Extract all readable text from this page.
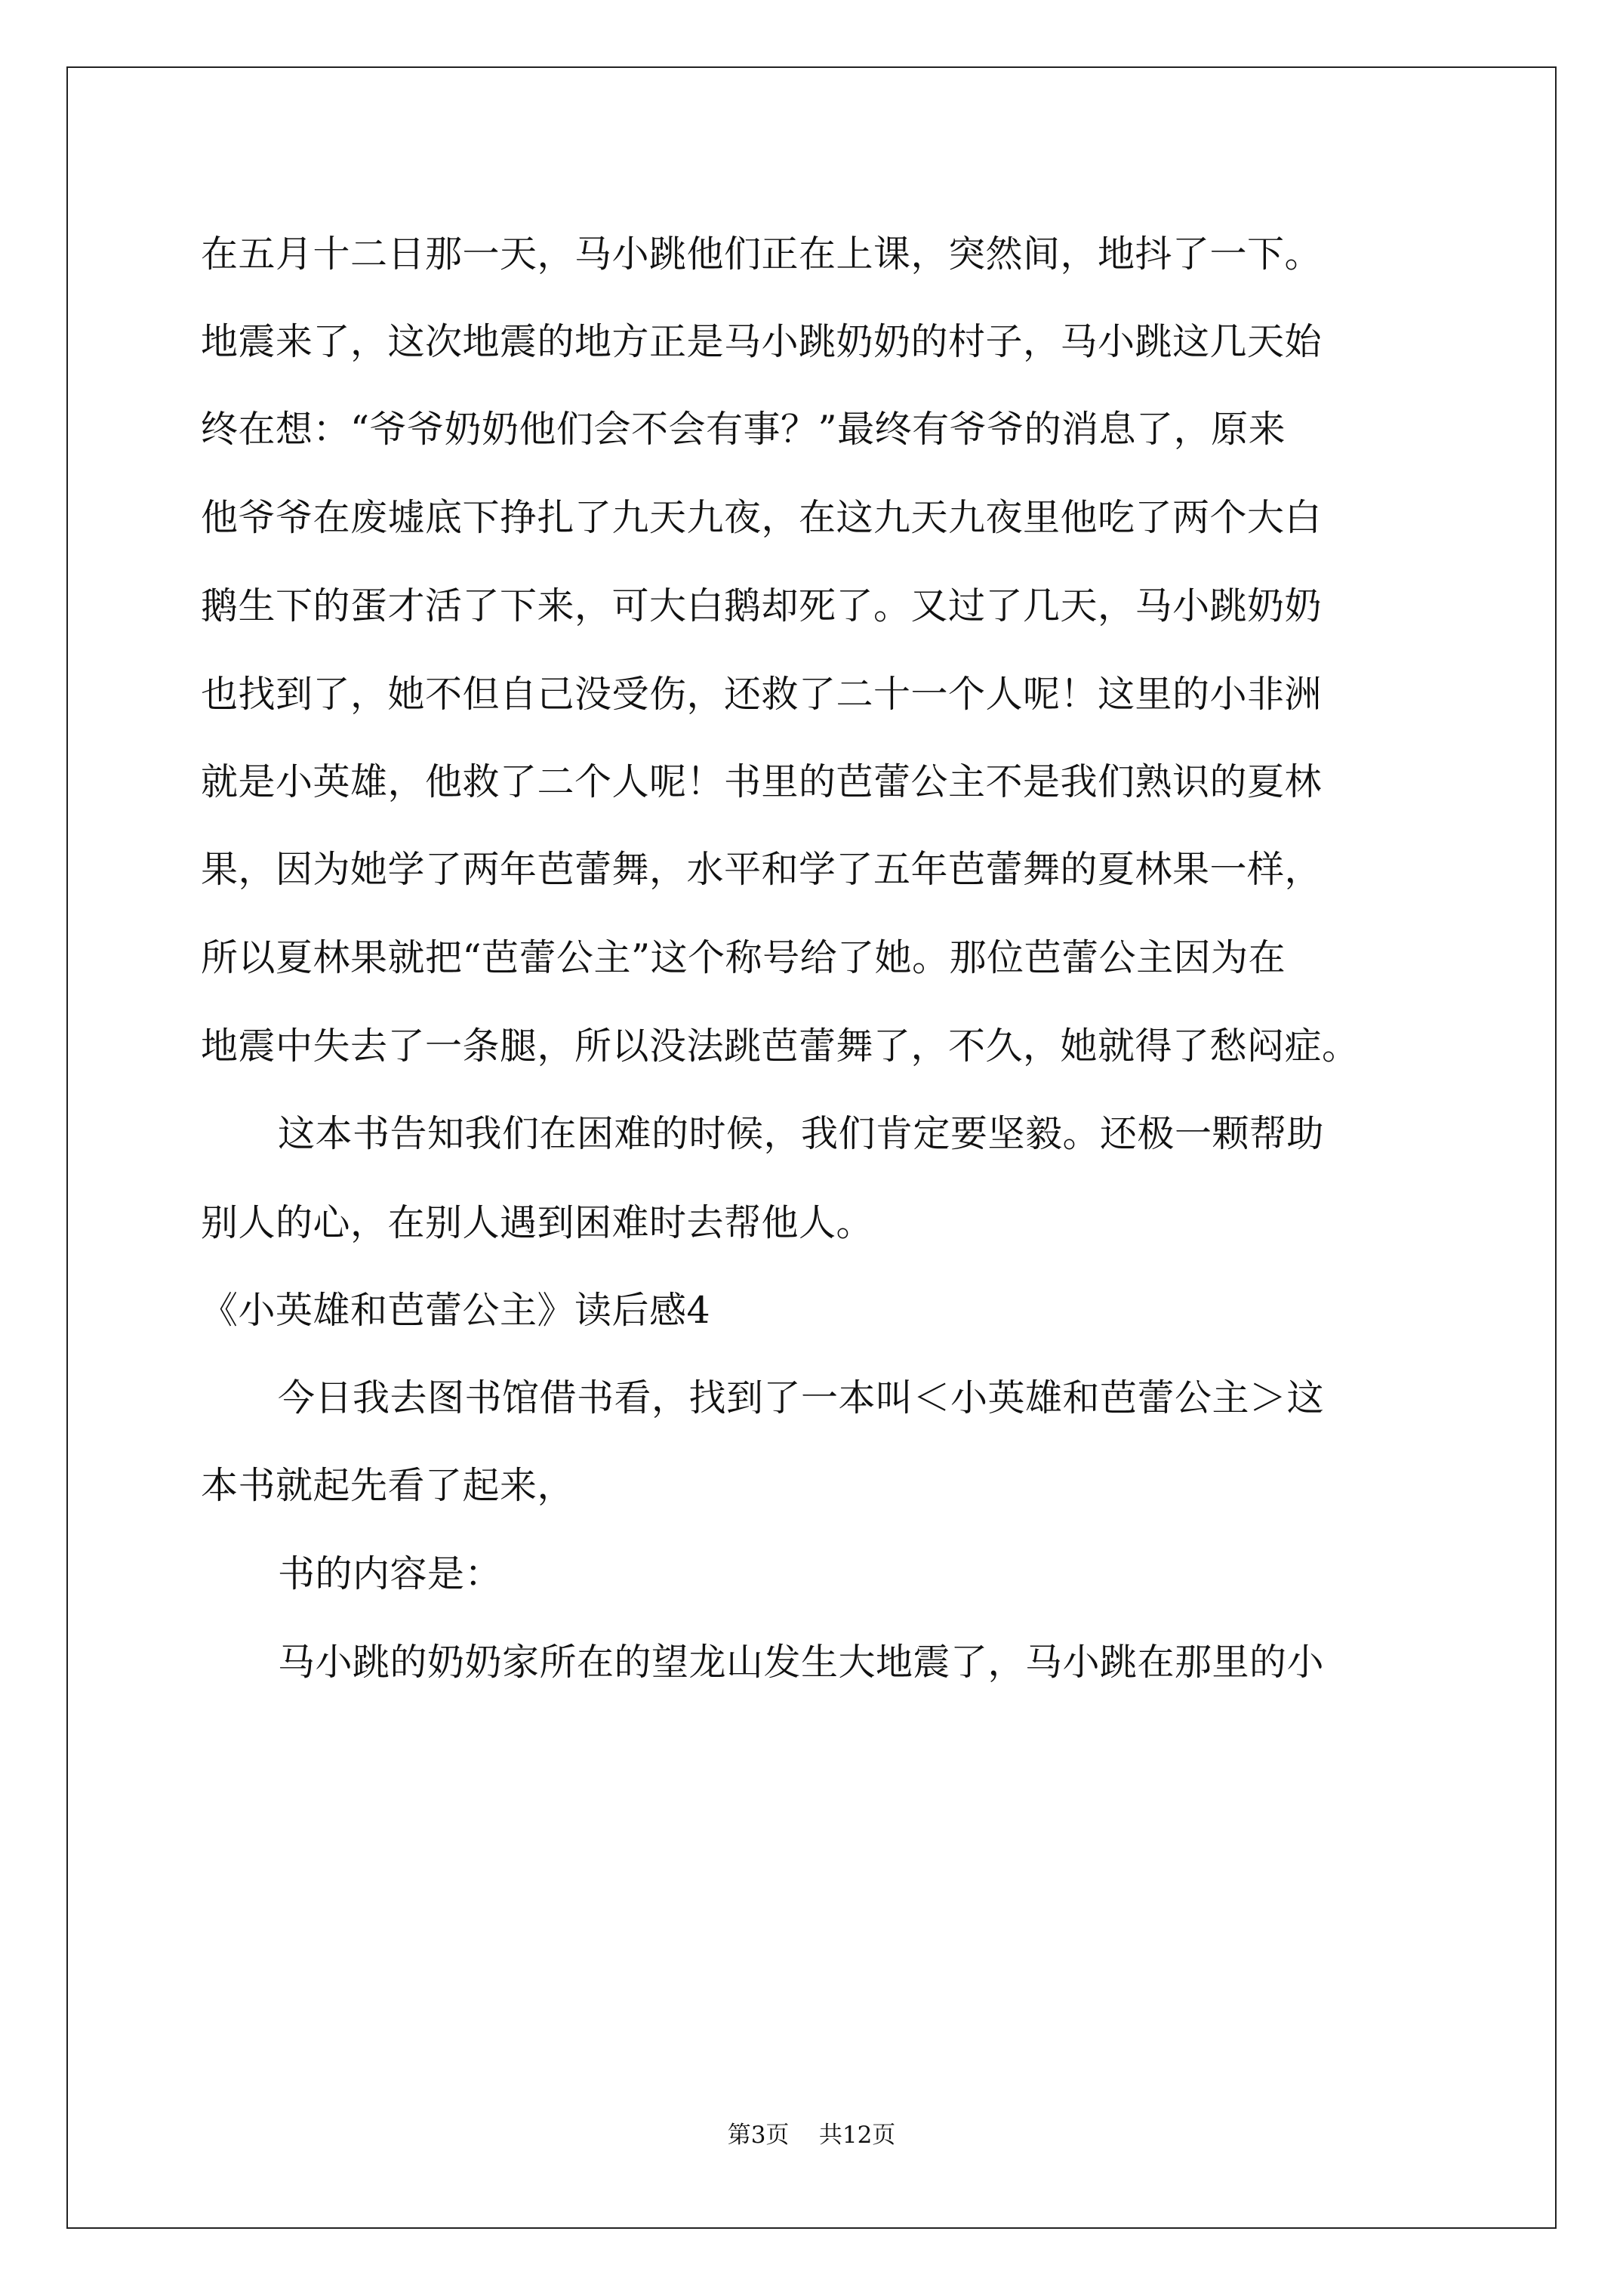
在五月十二日那一天，马小跳他们正在上课，突然间，地抖了一下。
地震来了，这次地震的地方正是马小跳奶奶的村子，马小跳这几天始
终在想：“爷爷奶奶他们会不会有事？”最终有爷爷的消息了，原来
他爷爷在废墟底下挣扎了九天九夜，在这九天九夜里他吃了两个大白
鹅生下的蛋才活了下来，可大白鹅却死了。又过了几天，马小跳奶奶
也找到了，她不但自己没受伤，还救了二十一个人呢！这里的小非洲
就是小英雄，他救了二个人呢！书里的芭蕾公主不是我们熟识的夏林
果，因为她学了两年芭蕾舞，水平和学了五年芭蕾舞的夏林果一样，
所以夏林果就把“芭蕾公主”这个称号给了她。那位芭蕾公主因为在
地震中失去了一条腿，所以没法跳芭蕾舞了，不久，她就得了愁闷症。
这本书告知我们在困难的时候，我们肯定要坚毅。还极一颗帮助
别人的心，在别人遇到困难时去帮他人。
《小英雄和芭蕾公主》读后感4
今日我去图书馆借书看，找到了一本叫＜小英雄和芭蕾公主＞这
本书就起先看了起来，
书的内容是：
马小跳的奶奶家所在的望龙山发生大地震了，马小跳在那里的小
第3页    共12页
